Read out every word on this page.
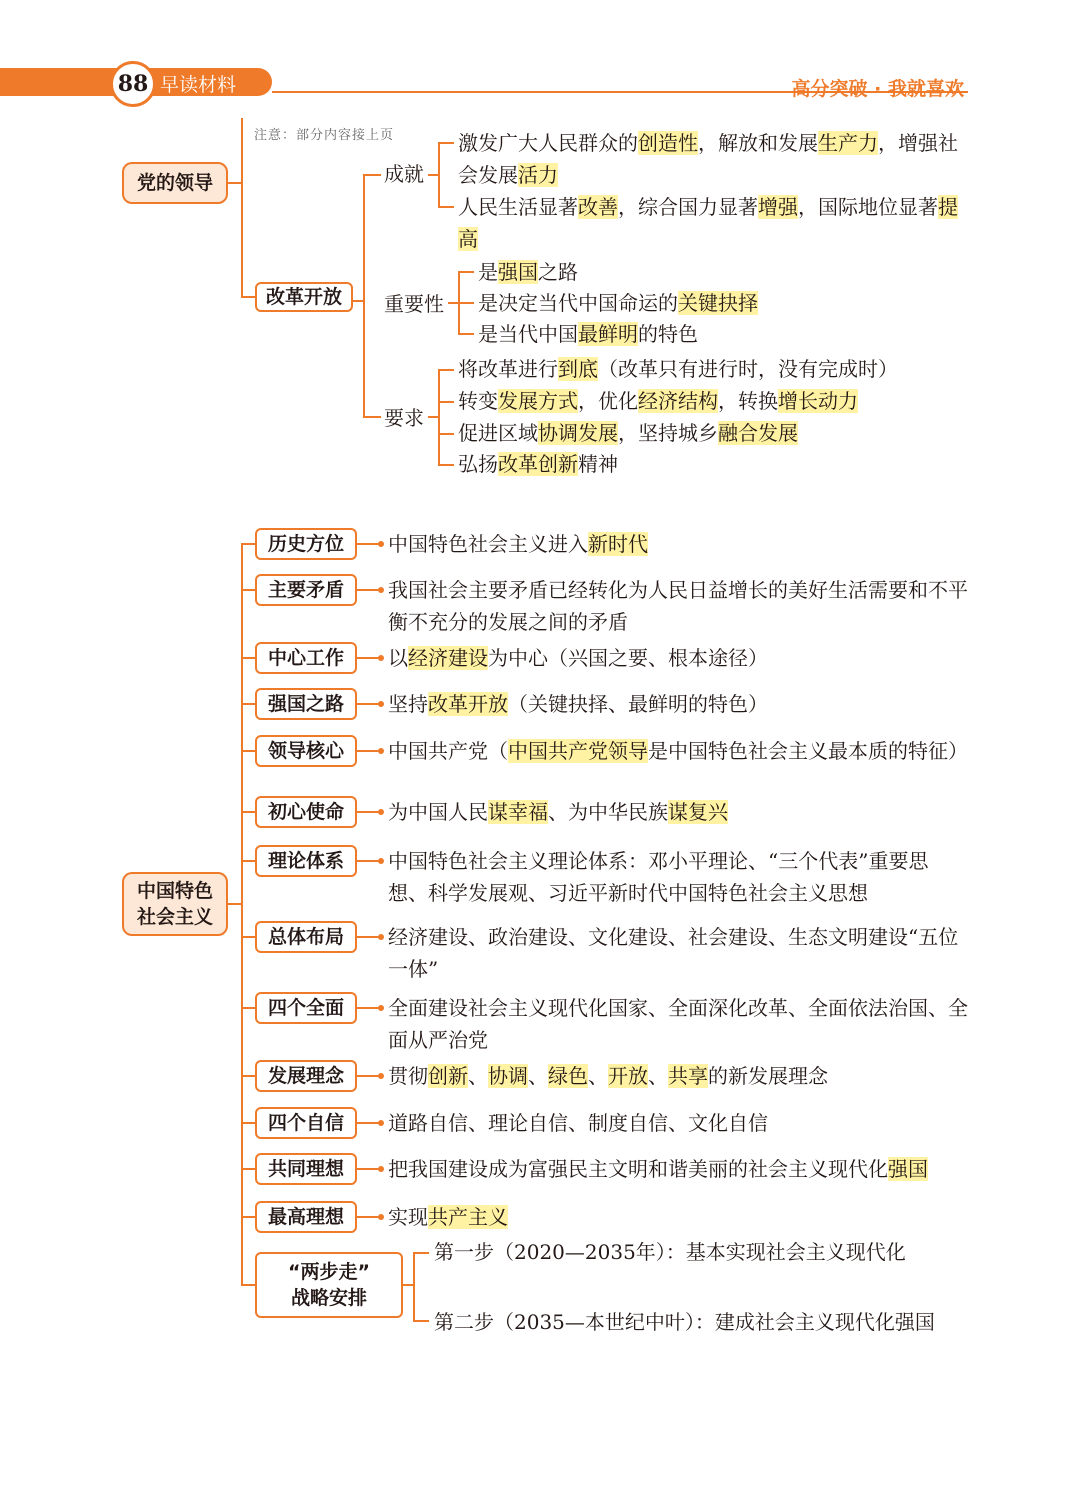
88 早读材料	高分突破 · 我就喜欢
注意：部分内容接上页
党的领导
改革开放
成就
重要性
要求
激发广大人民群众的创造性，解放和发展生产力，增强社会发展活力
人民生活显著改善，综合国力显著增强，国际地位显著提高
是强国之路
是决定当代中国命运的关键抉择
是当代中国最鲜明的特色
将改革进行到底（改革只有进行时，没有完成时）
转变发展方式，优化经济结构，转换增长动力
促进区域协调发展，坚持城乡融合发展
弘扬改革创新精神
中国特色
社会主义
历史方位	中国特色社会主义进入新时代
主要矛盾	我国社会主要矛盾已经转化为人民日益增长的美好生活需要和不平衡不充分的发展之间的矛盾
中心工作	以经济建设为中心（兴国之要、根本途径）
强国之路	坚持改革开放（关键抉择、最鲜明的特色）
领导核心	中国共产党（中国共产党领导是中国特色社会主义最本质的特征）
初心使命	为中国人民谋幸福、为中华民族谋复兴
理论体系	中国特色社会主义理论体系：邓小平理论、“三个代表”重要思想、科学发展观、习近平新时代中国特色社会主义思想
总体布局	经济建设、政治建设、文化建设、社会建设、生态文明建设“五位一体”
四个全面	全面建设社会主义现代化国家、全面深化改革、全面依法治国、全面从严治党
发展理念	贯彻创新、协调、绿色、开放、共享的新发展理念
四个自信	道路自信、理论自信、制度自信、文化自信
共同理想	把我国建设成为富强民主文明和谐美丽的社会主义现代化强国
最高理想	实现共产主义
“两步走”
战略安排
第一步（2020—2035年）：基本实现社会主义现代化
第二步（2035—本世纪中叶）：建成社会主义现代化强国
